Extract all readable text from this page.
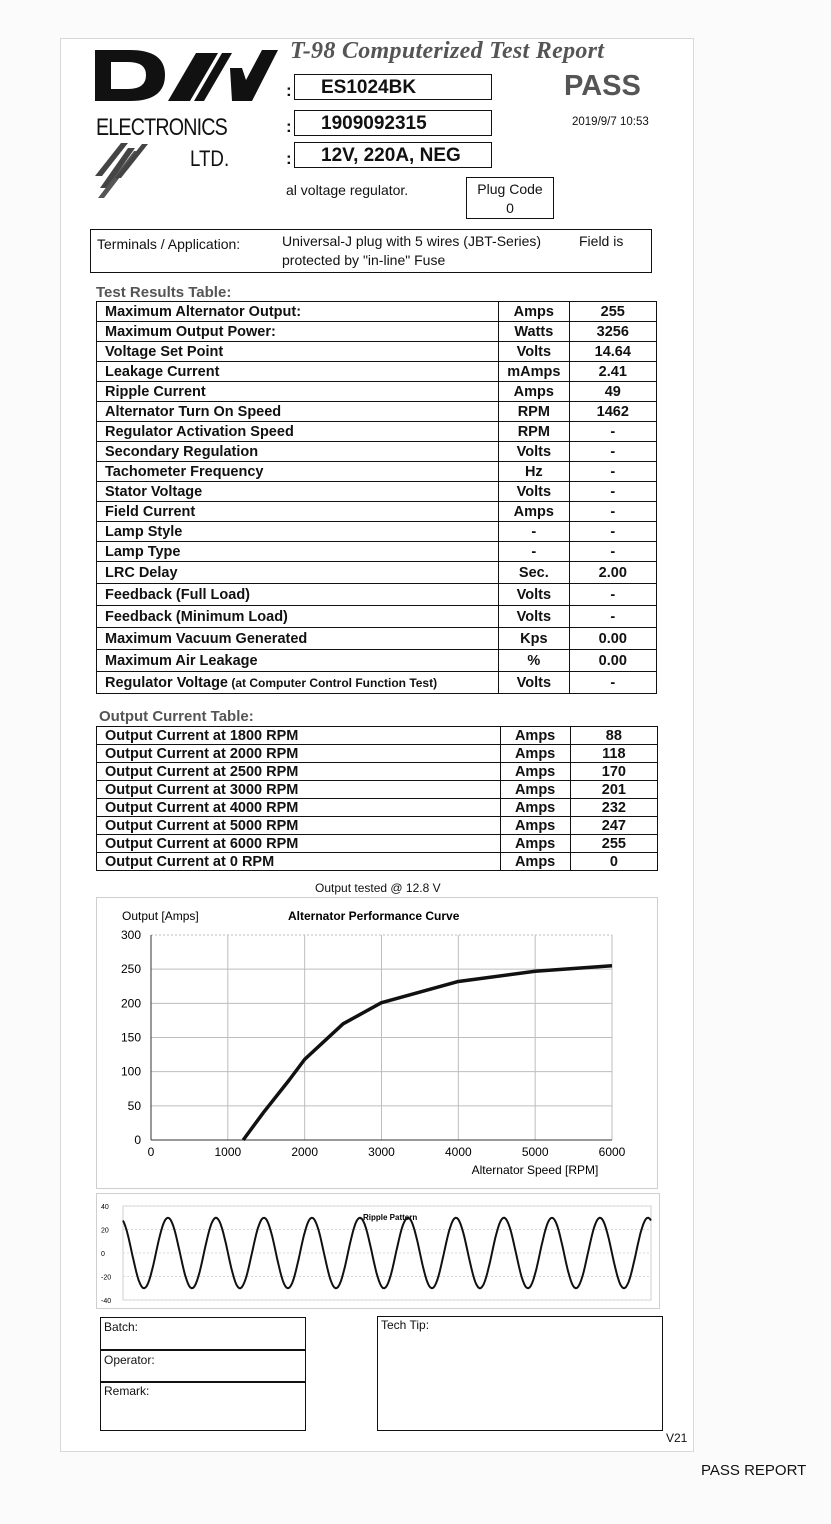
ELECTRONICS
LTD.
T-98 Computerized Test Report
:	ES1024BK
:	1909092315
:	12V, 220A, NEG
PASS
2019/9/7 10:53
al voltage regulator.	Plug Code
0
Terminals / Application:	Universal-J plug with 5 wires (JBT-Series)
protected by "in-line" Fuse
Field is
Test Results Table:
Maximum Alternator Output:	Amps	255
Maximum Output Power:	Watts	3256
Voltage Set Point	Volts	14.64
Leakage Current	mAmps	2.41
Ripple Current	Amps	49
Alternator Turn On Speed	RPM	1462
Regulator Activation Speed	RPM	-
Secondary Regulation	Volts	-
Tachometer Frequency	Hz	-
Stator Voltage	Volts	-
Field Current	Amps	-
Lamp Style	-	-
Lamp Type	-	-
LRC Delay	Sec.	2.00
Feedback (Full Load)	Volts	-
Feedback (Minimum Load)	Volts	-
Maximum Vacuum Generated	Kps	0.00
Maximum Air Leakage	%	0.00
Regulator Voltage (at Computer Control Function Test)	Volts	-
Output Current Table:
Output Current at 1800 RPM	Amps	88
Output Current at 2000 RPM	Amps	118
Output Current at 2500 RPM	Amps	170
Output Current at 3000 RPM	Amps	201
Output Current at 4000 RPM	Amps	232
Output Current at 5000 RPM	Amps	247
Output Current at 6000 RPM	Amps	255
Output Current at 0 RPM	Amps	0
Output tested @ 12.8 V
Output [Amps]	Alternator Performance Curve
0	1000	2000	3000	4000	5000	6000
0
50
100
150
200
250
300
Alternator Speed [RPM]
40
20
0
-20
-40
Ripple Pattern
Batch:
Operator:
Remark:
Tech Tip:
V21
PASS REPORT
